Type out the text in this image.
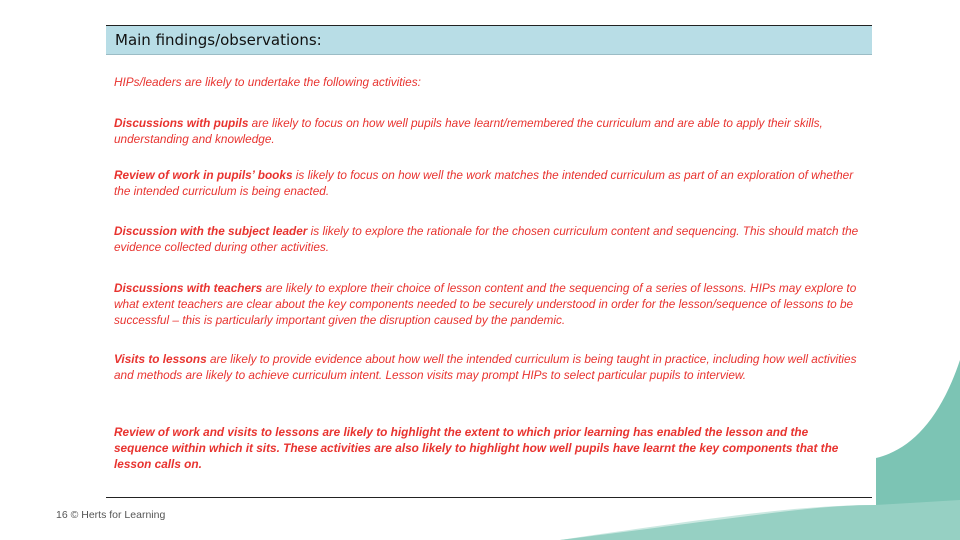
Main findings/observations:

HIPs/leaders are likely to undertake the following activities:

Discussions with pupils are likely to focus on how well pupils have learnt/remembered the curriculum and are able to apply their skills, understanding and knowledge.

Review of work in pupils’ books is likely to focus on how well the work matches the intended curriculum as part of an exploration of whether the intended curriculum is being enacted.

Discussion with the subject leader is likely to explore the rationale for the chosen curriculum content and sequencing. This should match the evidence collected during other activities.

Discussions with teachers are likely to explore their choice of lesson content and the sequencing of a series of lessons. HIPs may explore to what extent teachers are clear about the key components needed to be securely understood in order for the lesson/sequence of lessons to be successful – this is particularly important given the disruption caused by the pandemic.

Visits to lessons are likely to provide evidence about how well the intended curriculum is being taught in practice, including how well activities and methods are likely to achieve curriculum intent. Lesson visits may prompt HIPs to select particular pupils to interview.

Review of work and visits to lessons are likely to highlight the extent to which prior learning has enabled the lesson and the sequence within which it sits. These activities are also likely to highlight how well pupils have learnt the key components that the lesson calls on.

16 © Herts for Learning
